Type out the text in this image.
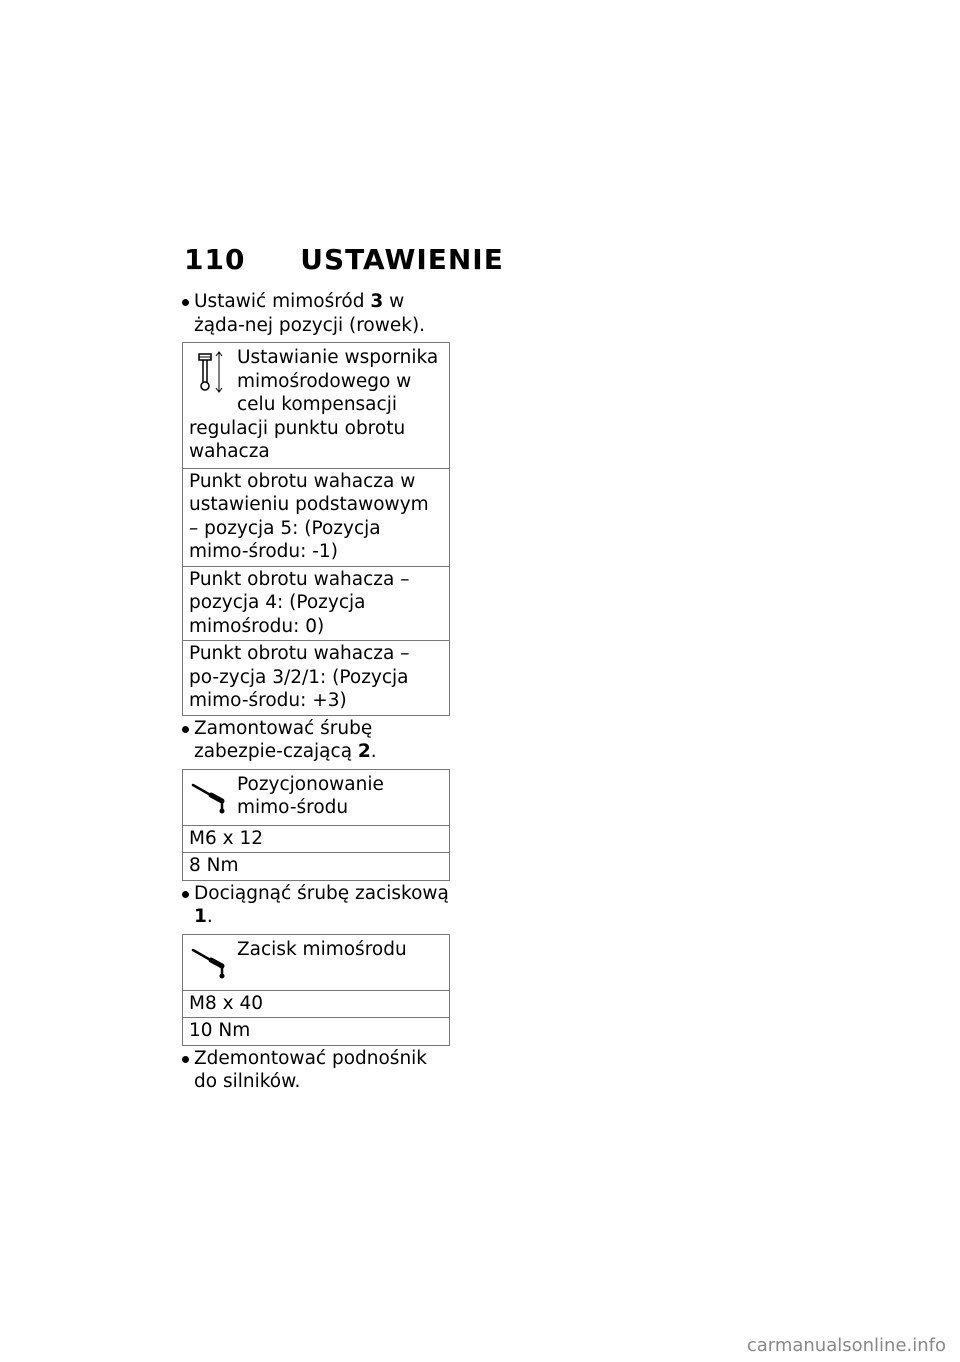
110 USTAWIENIE

Ustawić mimośród 3 w żąda-nej pozycji (rowek).

Ustawianie wspornika mimośrodowego w celu kompensacji regulacji punktu obrotu wahacza
Punkt obrotu wahacza w ustawieniu podstawowym – pozycja 5: (Pozycja mimo-środu: -1)
Punkt obrotu wahacza – pozycja 4: (Pozycja mimośrodu: 0)
Punkt obrotu wahacza – po-zycja 3/2/1: (Pozycja mimo-środu: +3)

Zamontować śrubę zabezpie-czającą 2.

Pozycjonowanie mimo-środu
M6 x 12
8 Nm

Dociągnąć śrubę zaciskową 1.

Zacisk mimośrodu
M8 x 40
10 Nm

Zdemontować podnośnik do silników.

carmanualsonline.info
